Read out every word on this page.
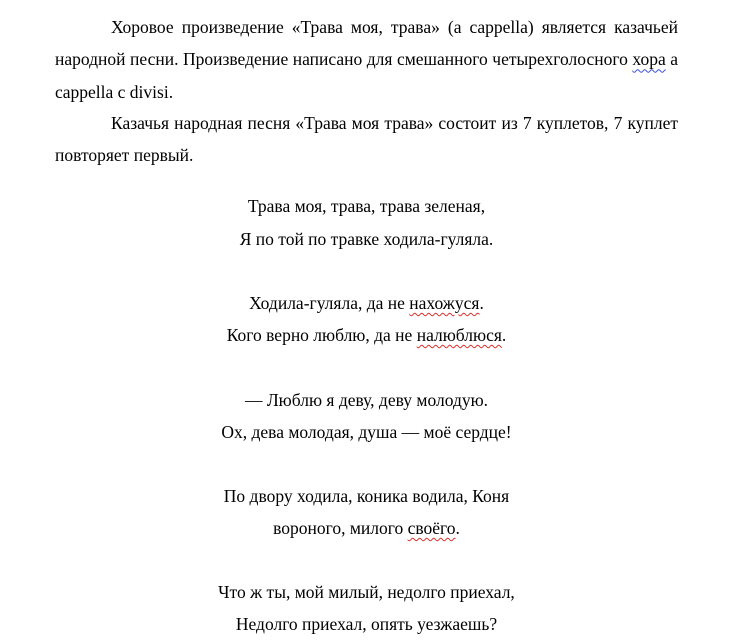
Хоровое произведение «Трава моя, трава» (a cappella) является казачьей народной песни. Произведение написано для смешанного четырехголосного хора a cappella с divisi.

Казачья народная песня «Трава моя трава» состоит из 7 куплетов, 7 куплет повторяет первый.

Трава моя, трава, трава зеленая,
Я по той по травке ходила-гуляла.
Ходила-гуляла, да не нахожуся.
Кого верно люблю, да не налюблюся.
— Люблю я деву, деву молодую.
Ох, дева молодая, душа — моё сердце!
По двору ходила, коника водила, Коня
вороного, милого своёго.
Что ж ты, мой милый, недолго приехал,
Недолго приехал, опять уезжаешь?
